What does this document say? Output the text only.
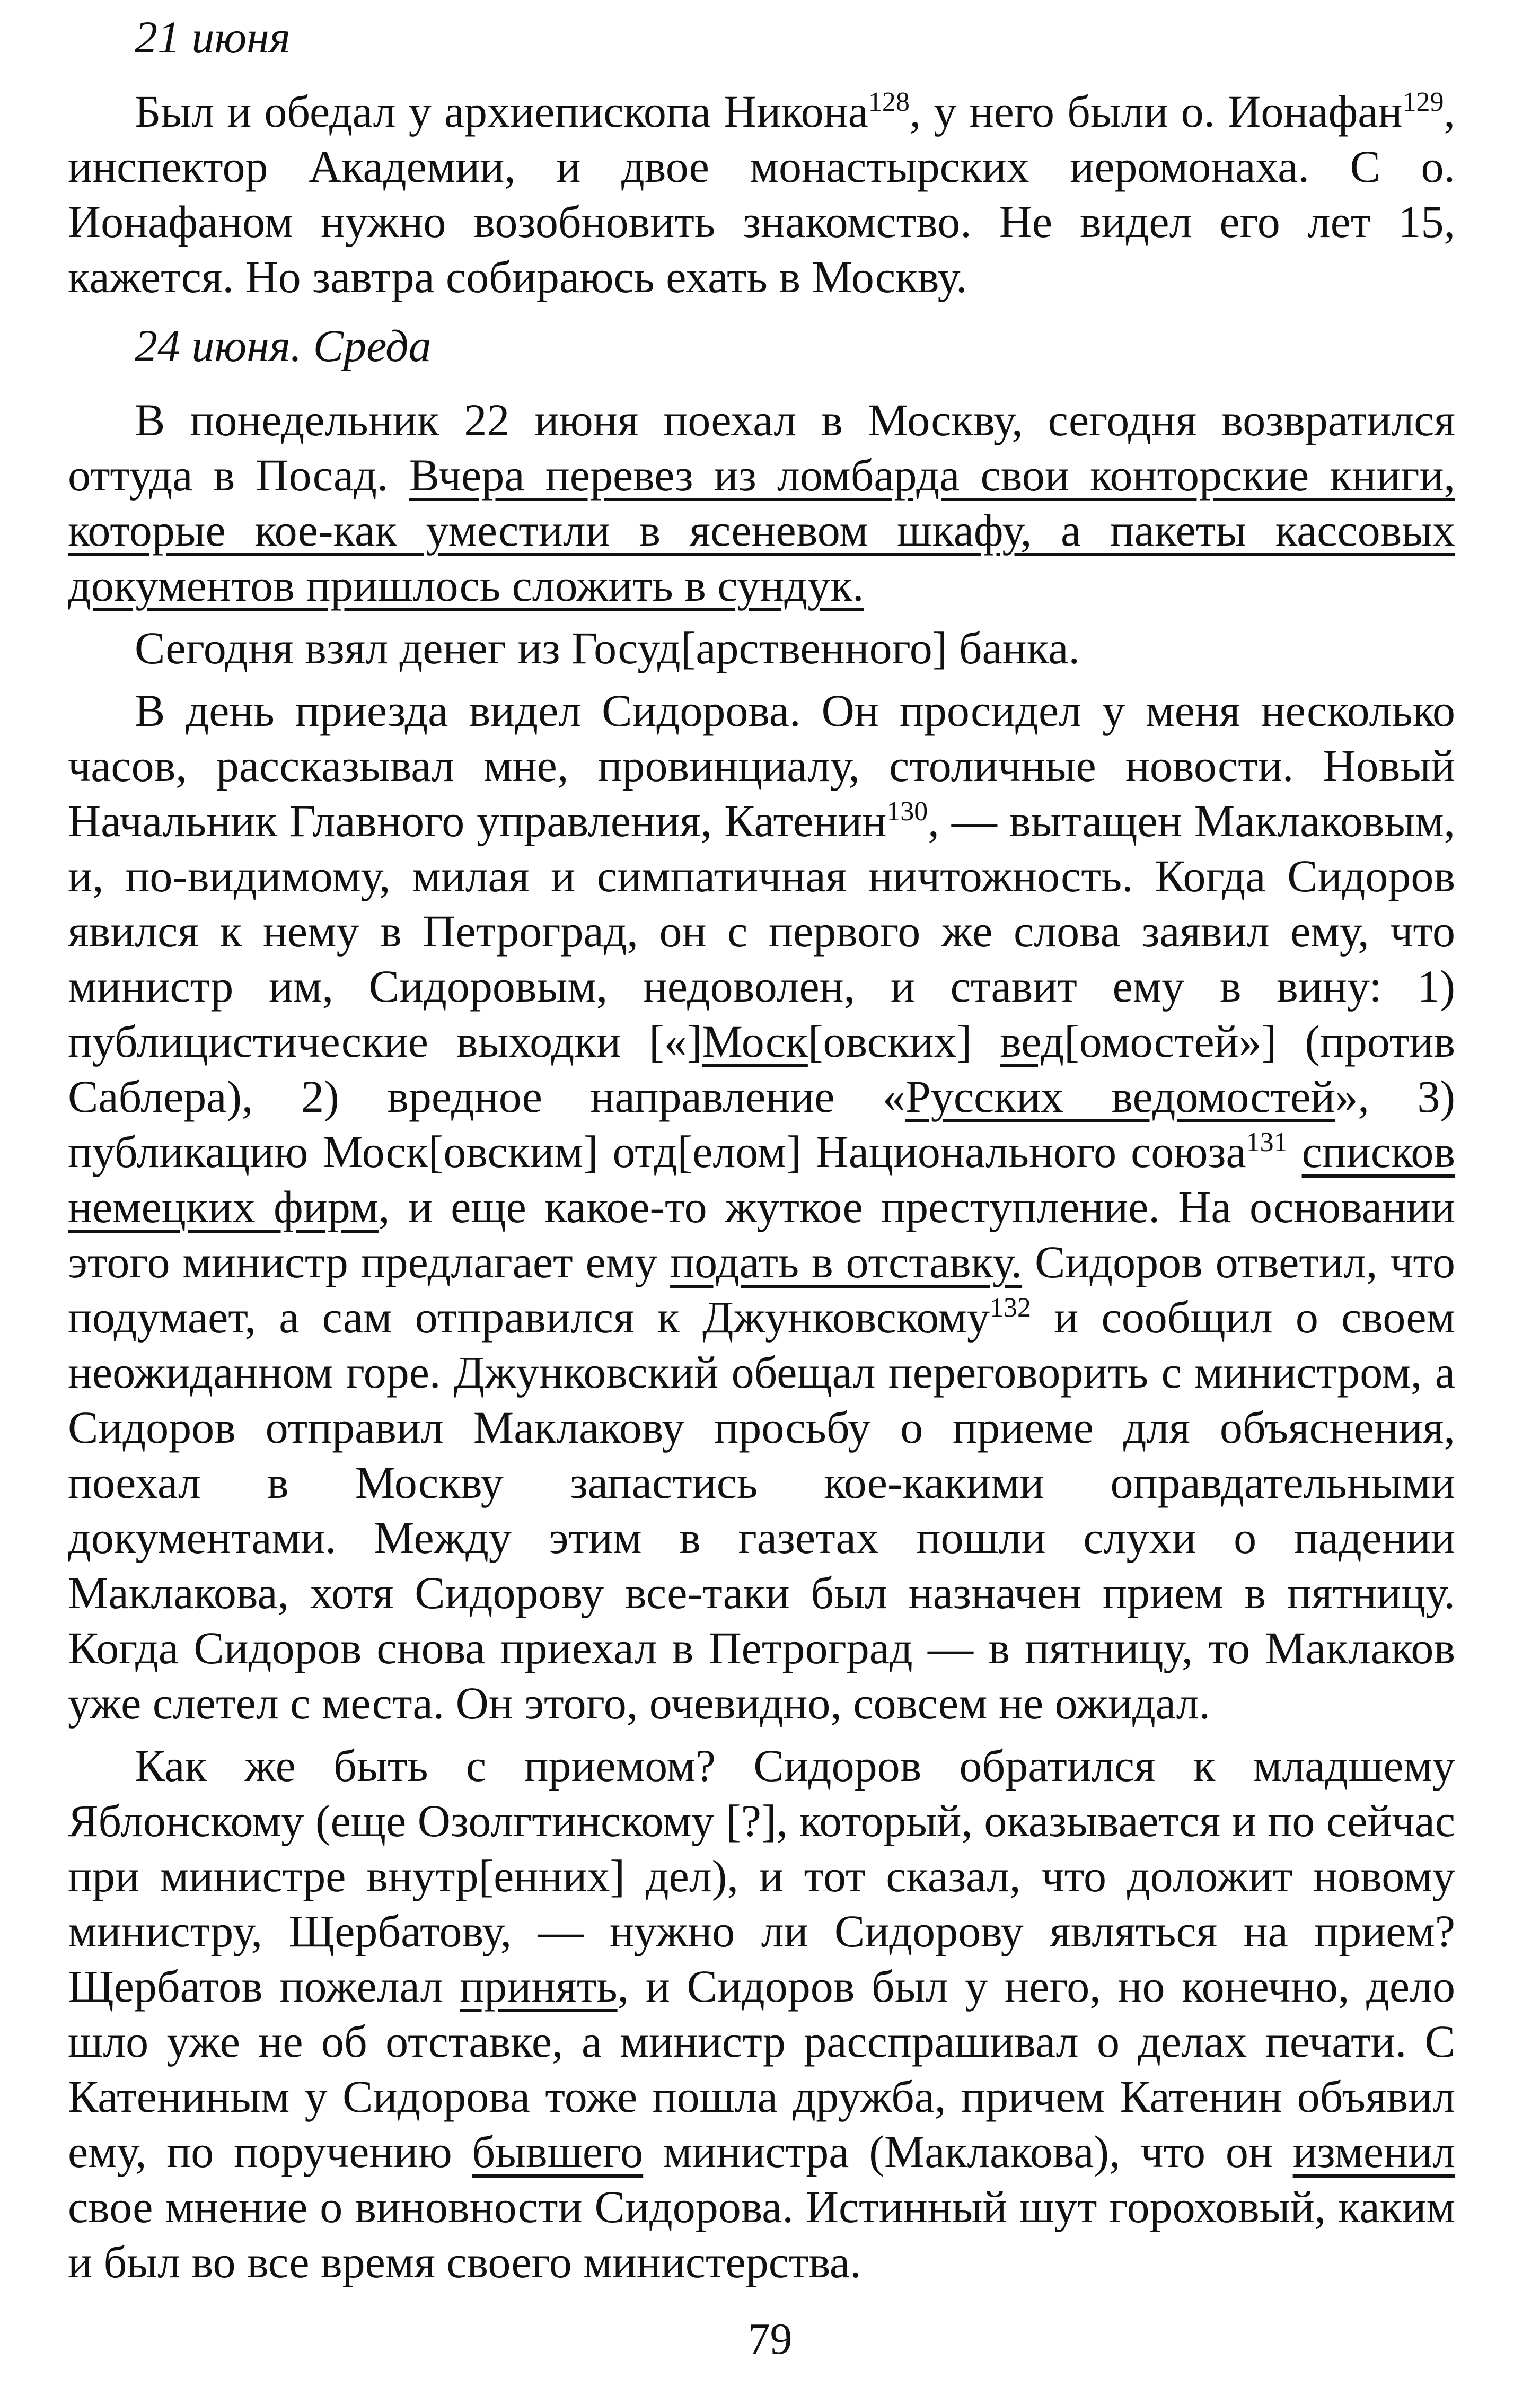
21 июня

Был и обедал у архиепископа Никона$^{128}$, у него были о. Ионафан$^{129}$, инспектор Академии, и двое монастырских иеромонаха. С о. Ионафаном нужно возобновить знакомство. Не видел его лет 15, кажется. Но завтра собираюсь ехать в Москву.

24 июня. Среда

В понедельник 22 июня поехал в Москву, сегодня возвратился оттуда в Посад. Вчера перевез из ломбарда свои конторские книги, которые кое-как уместили в ясеневом шкафу, а пакеты кассовых документов пришлось сложить в сундук.

Сегодня взял денег из Госуд[арственного] банка.

В день приезда видел Сидорова. Он просидел у меня несколько часов, рассказывал мне, провинциалу, столичные новости. Новый Начальник Главного управления, Катенин$^{130}$, — вытащен Маклаковым, и, по-видимому, милая и симпатичная ничтожность. Когда Сидоров явился к нему в Петроград, он с первого же слова заявил ему, что министр им, Сидоровым, недоволен, и ставит ему в вину: 1) публицистические выходки [«]Моск[овских] вед[омостей»] (против Саблера), 2) вредное направление «Русских ведомостей», 3) публикацию Моск[овским] отд[елом] Национального союза$^{131}$ списков немецких фирм, и еще какое-то жуткое преступление. На основании этого министр предлагает ему подать в отставку. Сидоров ответил, что подумает, а сам отправился к Джунковскому$^{132}$ и сообщил о своем неожиданном горе. Джунковский обещал переговорить с министром, а Сидоров отправил Маклакову просьбу о приеме для объяснения, поехал в Москву запастись кое-какими оправдательными документами. Между этим в газетах пошли слухи о падении Маклакова, хотя Сидорову все-таки был назначен прием в пятницу. Когда Сидоров снова приехал в Петроград — в пятницу, то Маклаков уже слетел с места. Он этого, очевидно, совсем не ожидал.

Как же быть с приемом? Сидоров обратился к младшему Яблонскому (еще Озолгтинскому [?], который, оказывается и по сейчас при министре внутр[енних] дел), и тот сказал, что доложит новому министру, Щербатову, — нужно ли Сидорову являться на прием? Щербатов пожелал принять, и Сидоров был у него, но конечно, дело шло уже не об отставке, а министр расспрашивал о делах печати. С Катениным у Сидорова тоже пошла дружба, причем Катенин объявил ему, по поручению бывшего министра (Маклакова), что он изменил свое мнение о виновности Сидорова. Истинный шут гороховый, каким и был во все время своего министерства.

79
